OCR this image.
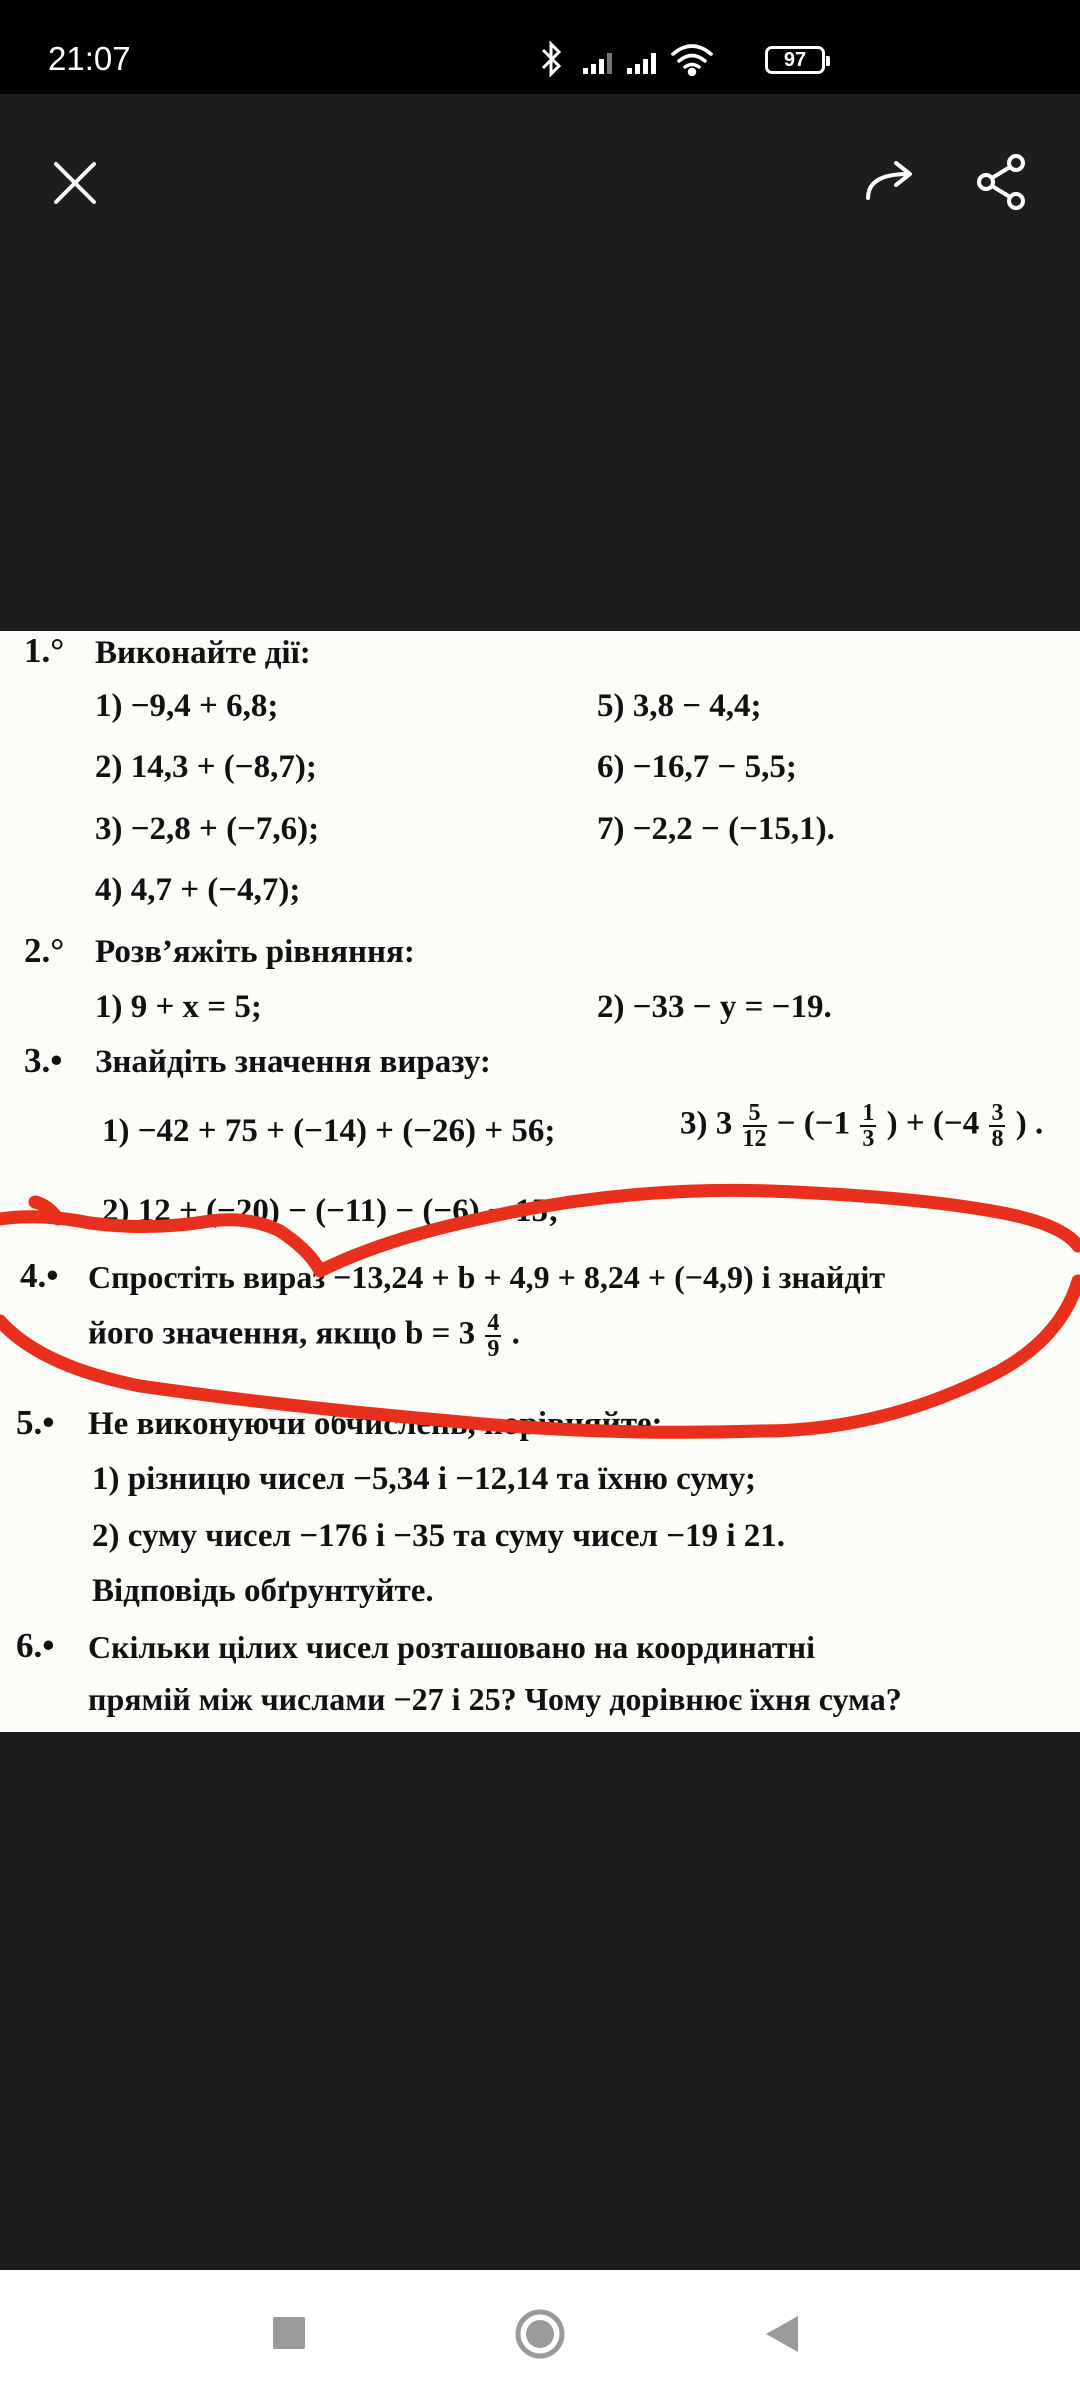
21:07	97
1.° Виконайте дії:
1) −9,4 + 6,8;
2) 14,3 + (−8,7);
3) −2,8 + (−7,6);
4) 4,7 + (−4,7);
5) 3,8 − 4,4;
6) −16,7 − 5,5;
7) −2,2 − (−15,1).
2.° Розв’яжіть рівняння:
1) 9 + x = 5;	2) −33 − y = −19.
3.• Знайдіть значення виразу:
1) −42 + 75 + (−14) + (−26) + 56;	3) $3 \frac{5}{12} - (-1 \frac{1}{3}$ ) + ($-4 \frac{3}{8}$ ) .
2) 12 + (−20) − (−11) − (−6) − 15;
4.• Спростіть вираз −13,24 + b + 4,9 + 8,24 + (−4,9) і знайдіт
його значення, якщо $b = 3 \frac{4}{9}$ .
5.• Не виконуючи обчислень, порівняйте:
1) різницю чисел −5,34 і −12,14 та їхню суму;
2) суму чисел −176 і −35 та суму чисел −19 і 21.
Відповідь обґрунтуйте.
6.• Скільки цілих чисел розташовано на координатні
прямій між числами −27 і 25? Чому дорівнює їхня сума?
